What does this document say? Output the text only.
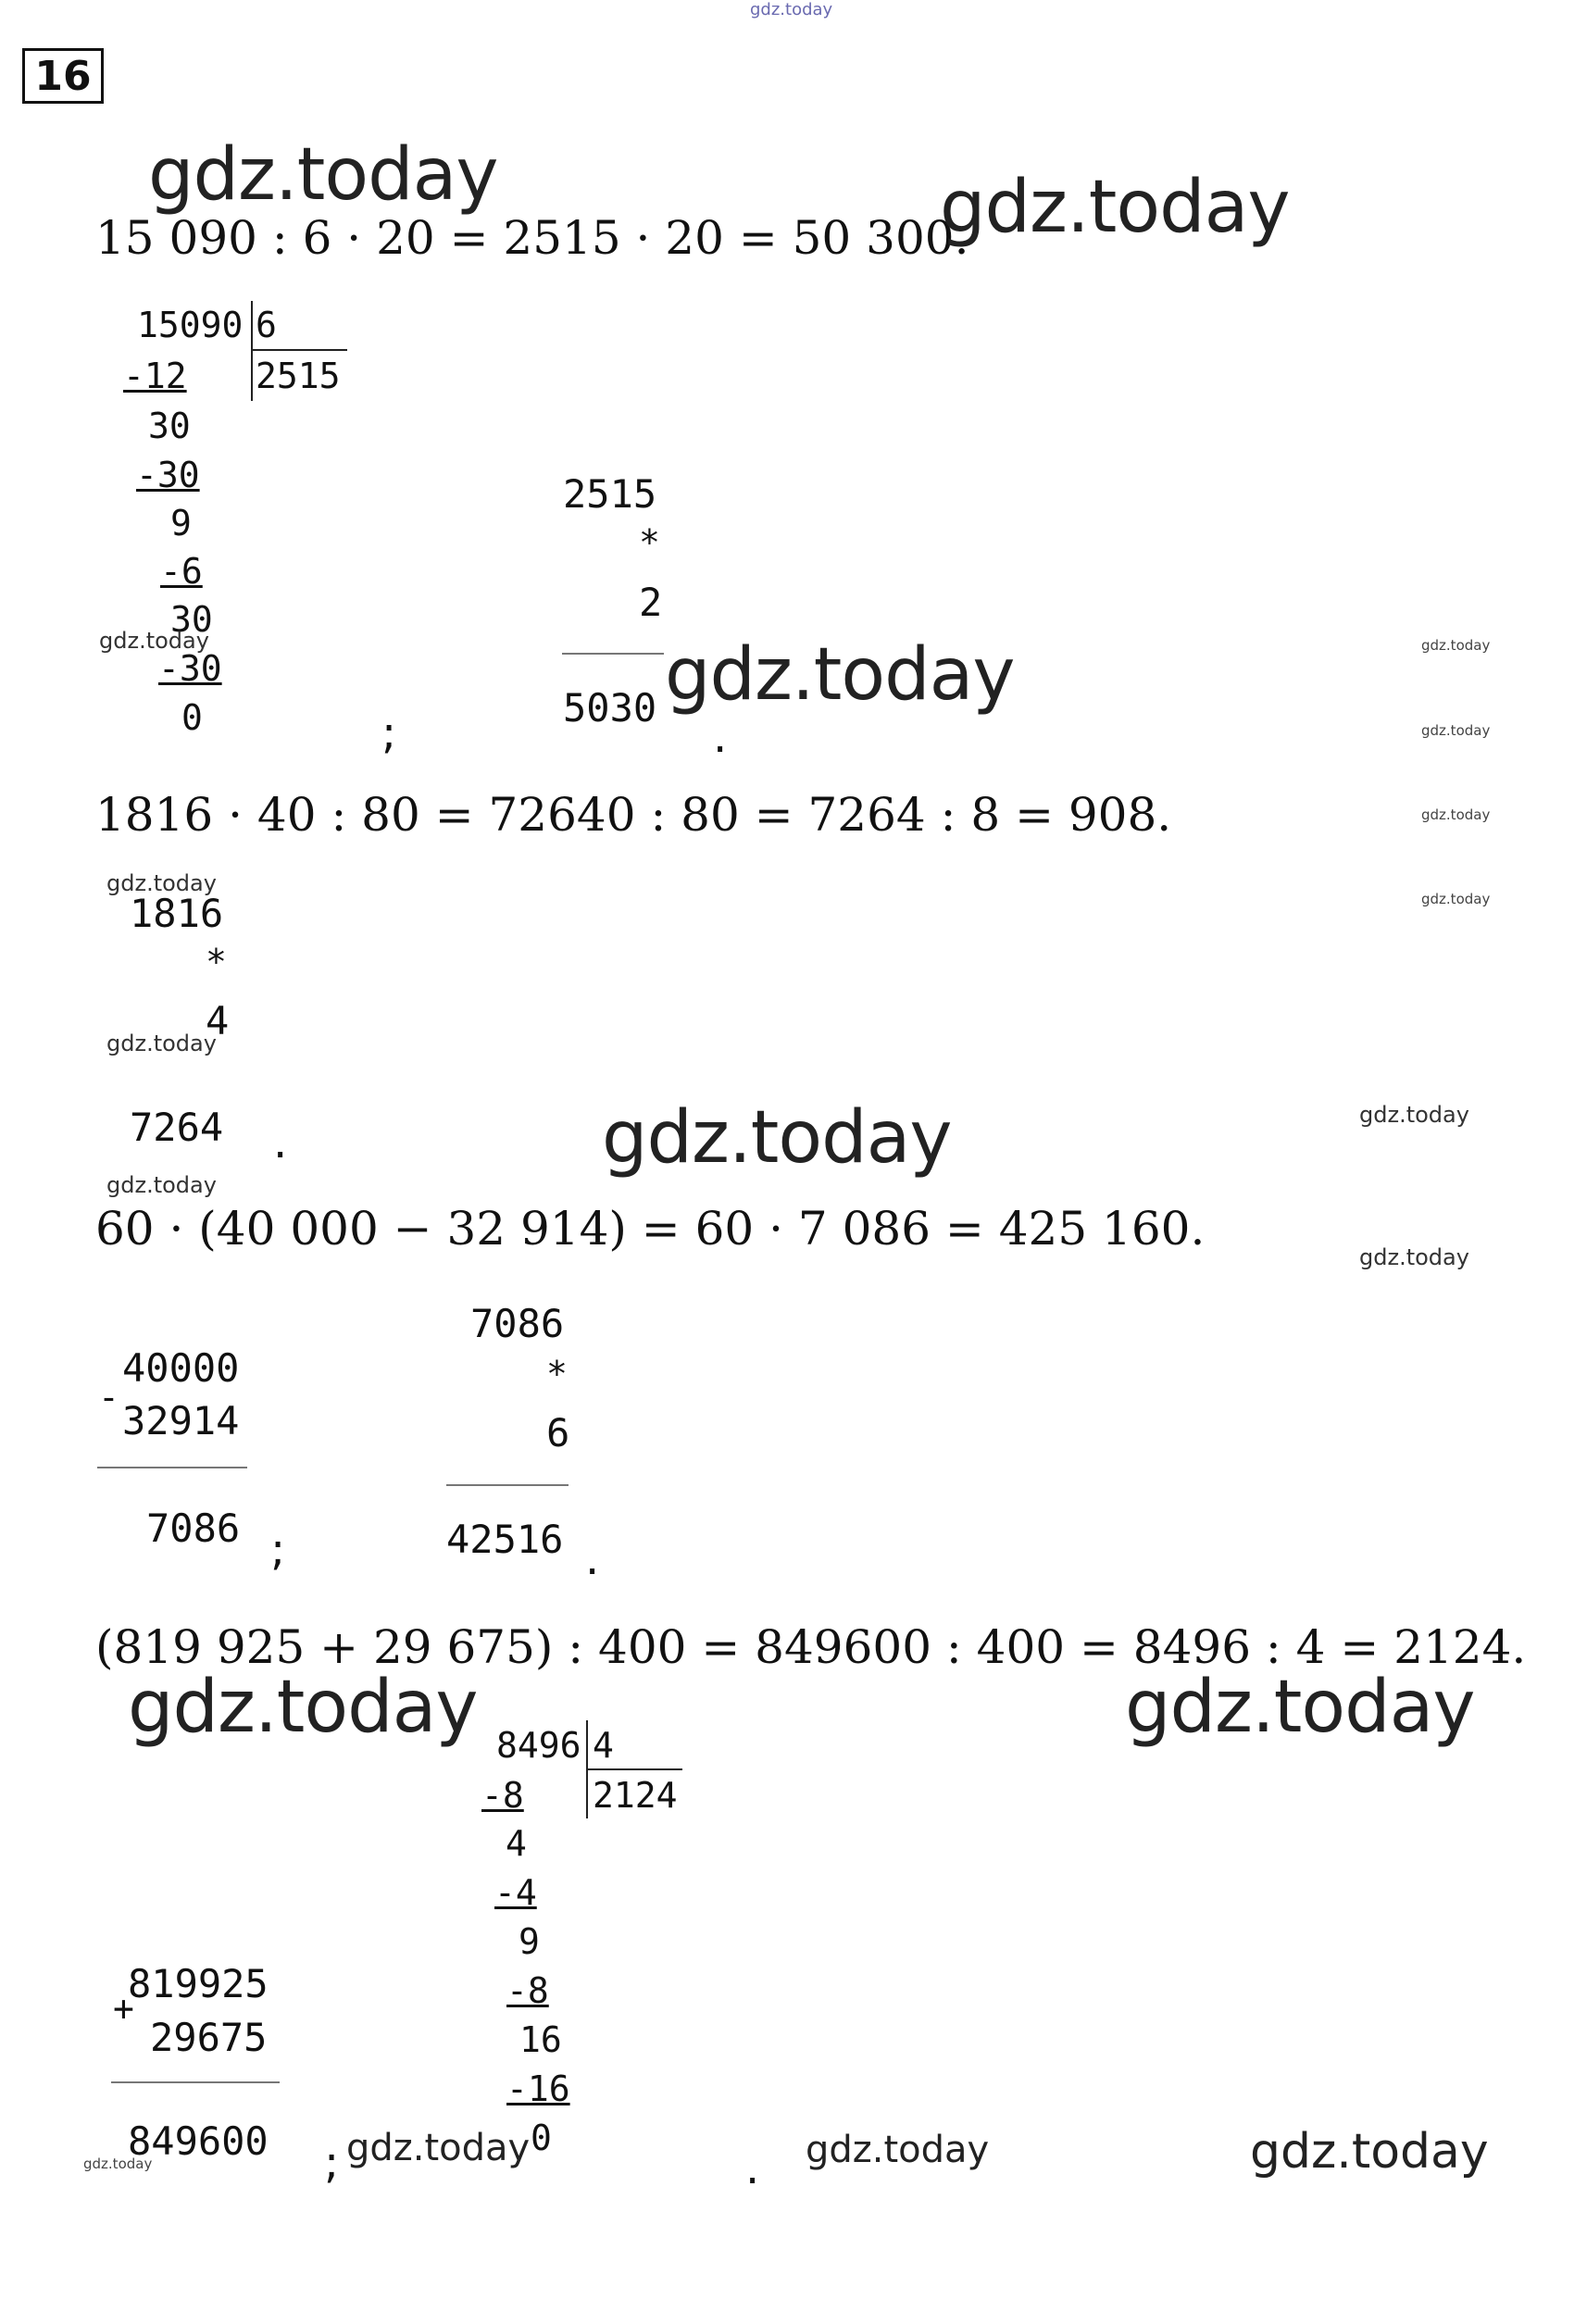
gdz.today
16
gdz.today
15 090 : 6 · 20 = 2515 · 20 = 50 300.
gdz.today
15090 6
2515
-12
30
-30
9
-6
30
-30
0
gdz.today
;
2515
*
2
5030 gdz.today
.
gdz.today
gdz.today
gdz.today
gdz.today
1816 · 40 : 80 = 72640 : 80 = 7264 : 8 = 908.
gdz.today
1816
*
4
7264
gdz.today
.	gdz.today	gdz.today
gdz.today
60 · (40 000 − 32 914) = 60 · 7 086 = 425 160.
gdz.today
-
40000
32914
7086 ;
7086
*
6
42516 .
(819 925 + 29 675) : 400 = 849600 : 400 = 8496 : 4 = 2124.
gdz.today	gdz.today
8496 4
2124
-8
4
-4
9
-8
16
-16
0
+
819925
29675
849600
gdz.today	; gdz.today	. gdz.today	gdz.today
